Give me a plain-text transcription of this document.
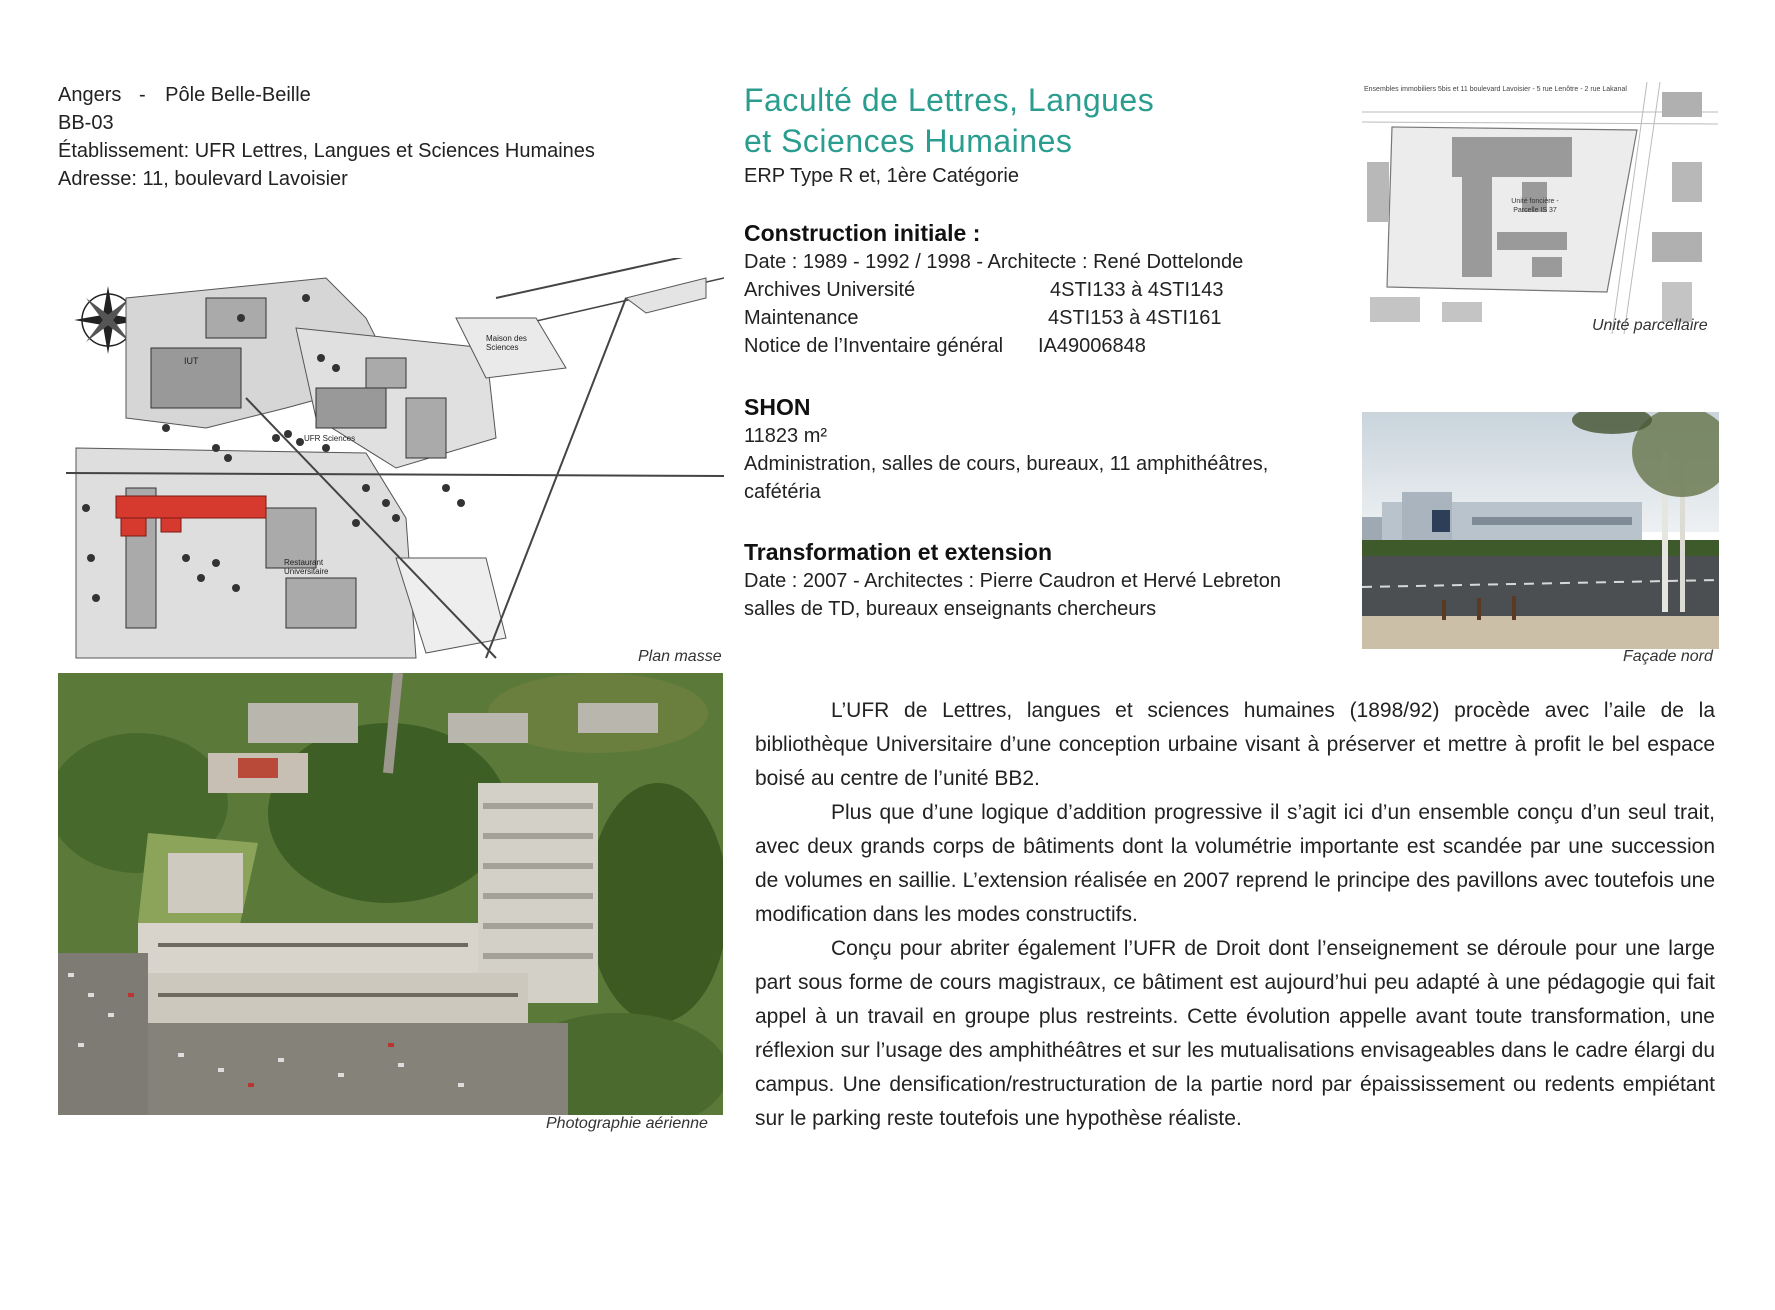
Angers - Pôle Belle-Beille
BB-03
Établissement: UFR Lettres, Langues et Sciences Humaines
Adresse: 11, boulevard Lavoisier
Faculté de Lettres, Langues
et Sciences Humaines
ERP Type R et, 1ère Catégorie
Construction initiale :
Date : 1989 - 1992 / 1998 - Architecte : René Dottelonde
Archives Université	4STI133 à 4STI143
Maintenance	4STI153 à 4STI161
Notice de l’Inventaire général IA49006848
SHON
11823 m²
Administration, salles de cours, bureaux, 11 amphithéâtres,
cafétéria
Transformation et extension
Date : 2007 - Architectes : Pierre Caudron et Hervé Lebreton
salles de TD, bureaux enseignants chercheurs
Ensembles immobiliers 5bis et 11 boulevard Lavoisier - 5 rue Lenôtre - 2 rue Lakanal
Unité foncière - Parcelle IS 37
Unité parcellaire
IUT
UFR Sciences
Restaurant Universitaire
Maison des Sciences
Plan masse	Façade nord
Photographie aérienne

L’UFR de Lettres, langues et sciences humaines (1898/92) procède avec l’aile de la bibliothèque Universitaire d’une conception urbaine visant à préserver et mettre à profit le bel espace boisé au centre de l’unité BB2.

Plus que d’une logique d’addition progressive il s’agit ici d’un ensemble conçu d’un seul trait, avec deux grands corps de bâtiments dont la volumétrie importante est scandée par une succession de volumes en saillie. L’extension réalisée en 2007 reprend le principe des pavillons avec toutefois une modification dans les modes constructifs.

Conçu pour abriter également l’UFR de Droit dont l’enseignement se déroule pour une large part sous forme de cours magistraux, ce bâtiment est aujourd’hui peu adapté à une pédagogie qui fait appel à un travail en groupe plus restreints. Cette évolution appelle avant toute transformation, une réflexion sur l’usage des amphithéâtres et sur les mutualisations envisageables dans le cadre élargi du campus. Une densification/restructuration de la partie nord par épaississement ou redents empiétant sur le parking reste toutefois une hypothèse réaliste.
